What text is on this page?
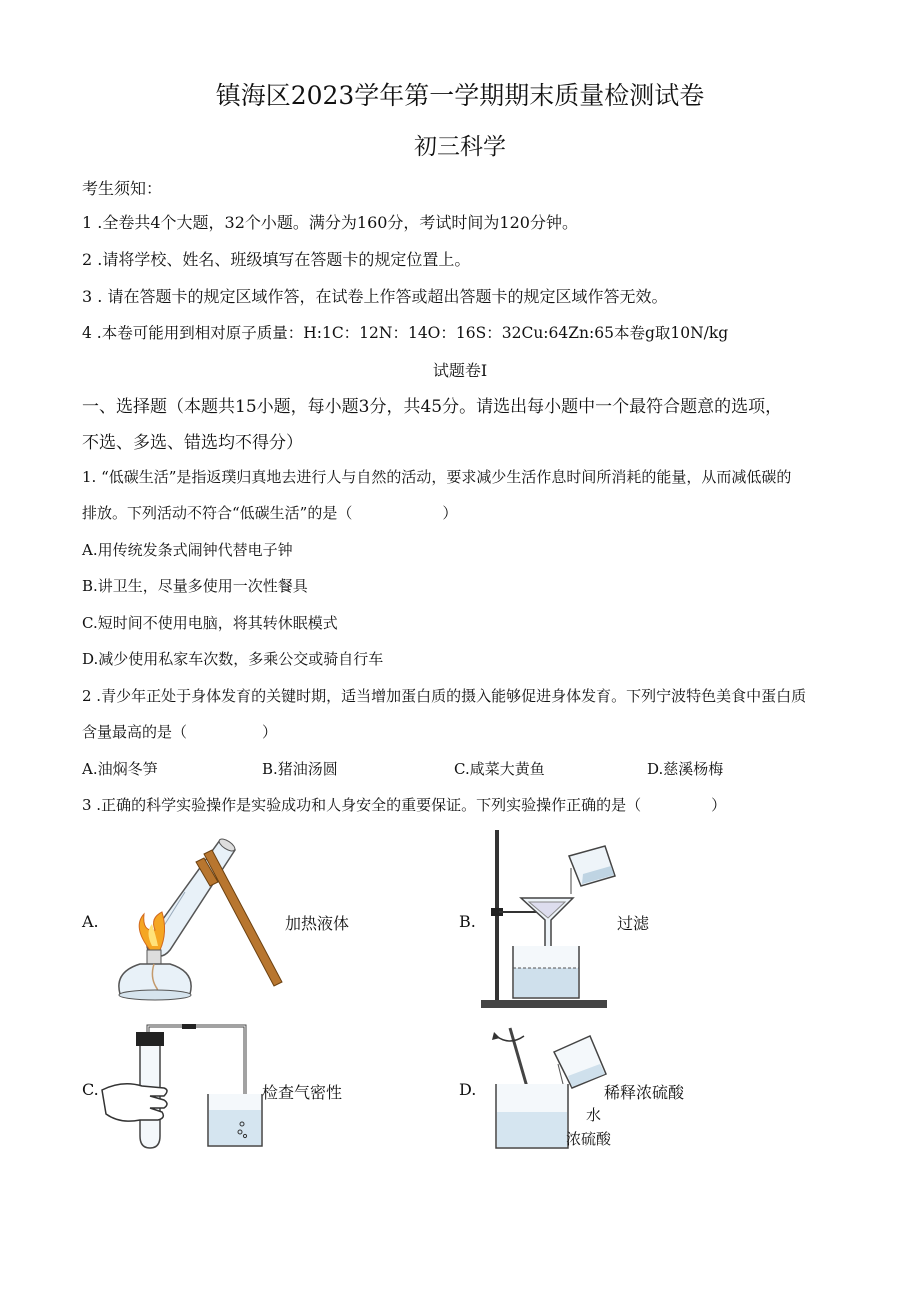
镇海区2023学年第一学期期末质量检测试卷
初三科学
考生须知：
1 .全卷共4个大题，32个小题。满分为160分，考试时间为120分钟。
2 .请将学校、姓名、班级填写在答题卡的规定位置上。
3 . 请在答题卡的规定区域作答，在试卷上作答或超出答题卡的规定区域作答无效。
4 .本卷可能用到相对原子质量：H:1C：12N：14O：16S：32Cu:64Zn:65本卷g取10N/kg
试题卷I
一、选择题（本题共15小题，每小题3分，共45分。请选出每小题中一个最符合题意的选项，
不选、多选、错选均不得分）
1. “低碳生活”是指返璞归真地去进行人与自然的活动，要求减少生活作息时间所消耗的能量，从而减低碳的
排放。下列活动不符合“低碳生活”的是（	）
A.用传统发条式闹钟代替电子钟
B.讲卫生，尽量多使用一次性餐具
C.短时间不使用电脑，将其转休眠模式
D.减少使用私家车次数，多乘公交或骑自行车
2 .青少年正处于身体发育的关键时期，适当增加蛋白质的摄入能够促进身体发育。下列宁波特色美食中蛋白质
含量最高的是（	）
A.油焖冬笋	B.猪油汤圆	C.咸菜大黄鱼	D.慈溪杨梅
3 .正确的科学实验操作是实验成功和人身安全的重要保证。下列实验操作正确的是（	）
A.	加热液体	B.	过滤
C.	检查气密性	D.	稀释浓硫酸
水
浓硫酸
